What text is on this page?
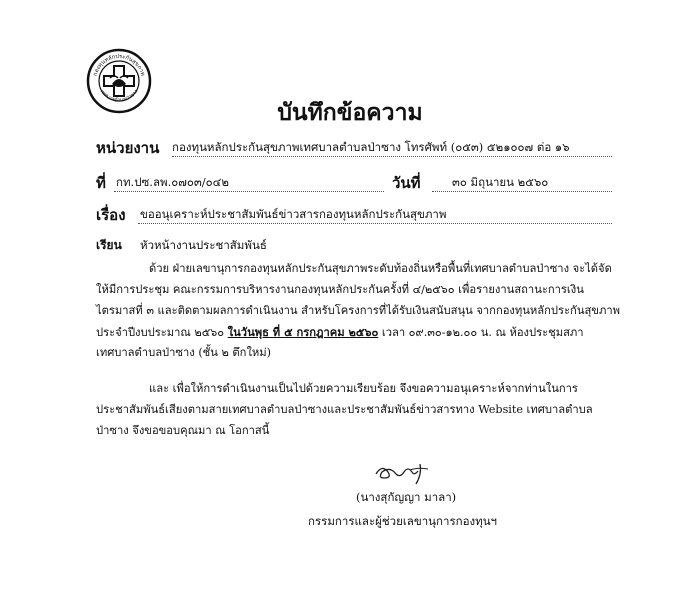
กองทุนหลักประกันสุขภาพ
เทศบาลตำบลป่าซาง
บันทึกข้อความ
หน่วยงาน กองทุนหลักประกันสุขภาพเทศบาลตำบลป่าซาง โทรศัพท์ (๐๕๓) ๕๒๑๐๐๗ ต่อ ๑๖
ที่ กท.ปซ.ลพ.๐๗๐๓/๐๔๒	วันที่	๓๐ มิถุนายน ๒๕๖๐
เรื่อง ขออนุเคราะห์ประชาสัมพันธ์ข่าวสารกองทุนหลักประกันสุขภาพ
เรียน หัวหน้างานประชาสัมพันธ์
ด้วย ฝ่ายเลขานุการกองทุนหลักประกันสุขภาพระดับท้องถิ่นหรือพื้นที่เทศบาลตำบลป่าซาง จะได้จัด
ให้มีการประชุม คณะกรรมการบริหารงานกองทุนหลักประกันครั้งที่ ๔/๒๕๖๐ เพื่อรายงานสถานะการเงิน
ไตรมาสที่ ๓ และติดตามผลการดำเนินงาน สำหรับโครงการที่ได้รับเงินสนับสนุน จากกองทุนหลักประกันสุขภาพ
ประจำปีงบประมาณ ๒๕๖๐ ในวันพุธ ที่ ๕ กรกฎาคม ๒๕๖๐ เวลา ๐๙.๓๐-๑๒.๐๐ น. ณ ห้องประชุมสภา
เทศบาลตำบลป่าซาง (ชั้น ๒ ตึกใหม่)
และ เพื่อให้การดำเนินงานเป็นไปด้วยความเรียบร้อย จึงขอความอนุเคราะห์จากท่านในการ
ประชาสัมพันธ์เสียงตามสายเทศบาลตำบลป่าซางและประชาสัมพันธ์ข่าวสารทาง Website เทศบาลตำบล
ป่าซาง จึงขอขอบคุณมา ณ โอกาสนี้
(นางสุกัญญา มาลา)
กรรมการและผู้ช่วยเลขานุการกองทุนฯ
